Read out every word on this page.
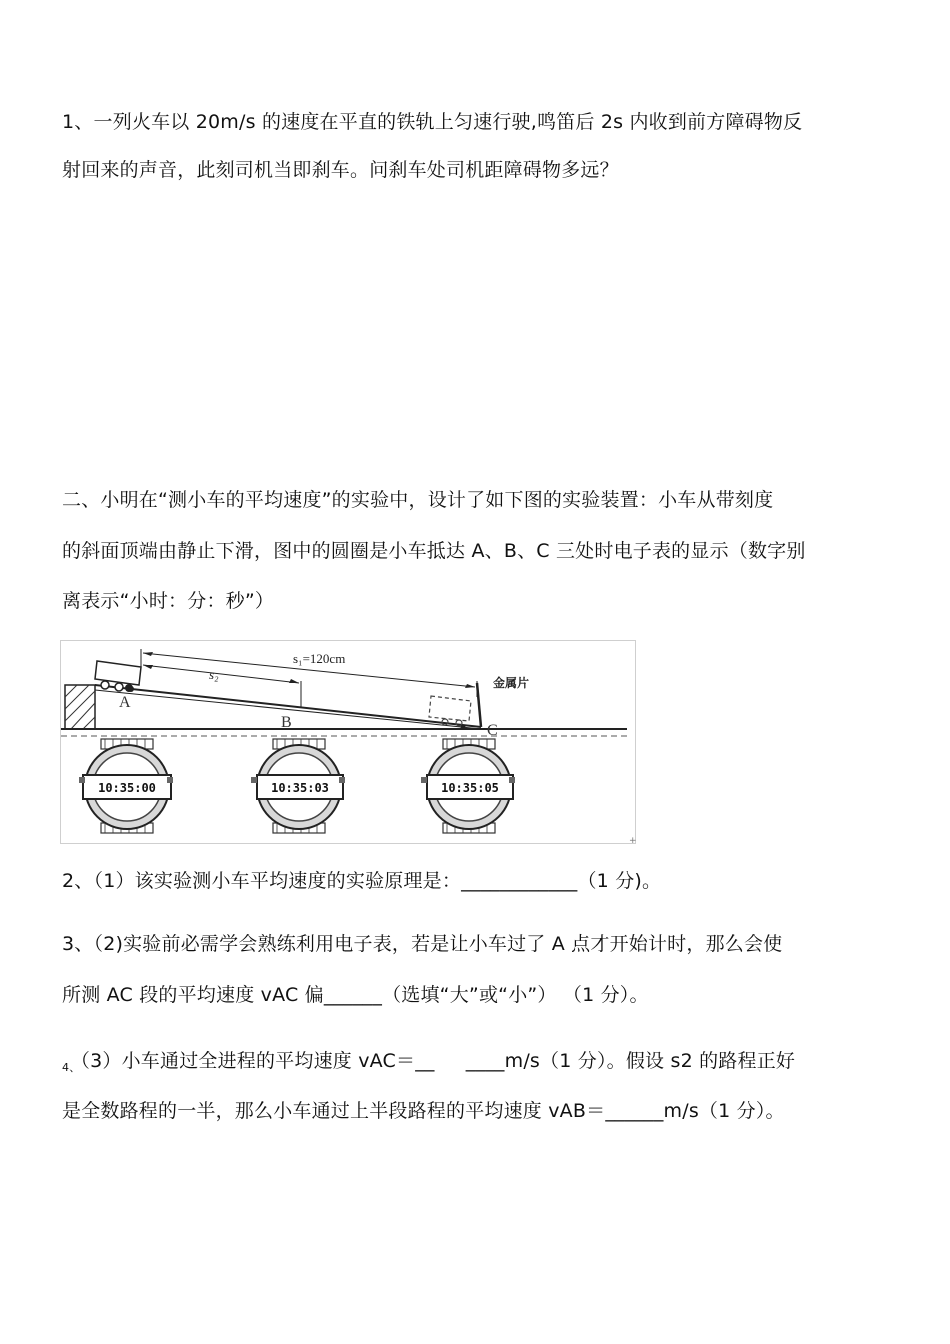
1、一列火车以 20m/s 的速度在平直的铁轨上匀速行驶,鸣笛后 2s 内收到前方障碍物反
射回来的声音，此刻司机当即刹车。问刹车处司机距障碍物多远？
二、小明在“测小车的平均速度”的实验中，设计了如下图的实验装置：小车从带刻度
的斜面顶端由静止下滑，图中的圆圈是小车抵达 A、B、C 三处时电子表的显示（数字别
离表示“小时：分：秒”）
s₁=120cm
s₂
金属片
A
B	C
10:35:00	10:35:03	10:35:05
+
2、（1）该实验测小车平均速度的实验原理是：____________（1 分)。
3、（2)实验前必需学会熟练利用电子表，若是让小车过了 A 点才开始计时，那么会使
所测 AC 段的平均速度 vAC 偏______（选填“大”或“小”） （1 分）。
$_{4、}$（3）小车通过全进程的平均速度 vAC＝__     ____m/s（1 分）。假设 s2 的路程正好
是全数路程的一半，那么小车通过上半段路程的平均速度 vAB＝______m/s（1 分）。
